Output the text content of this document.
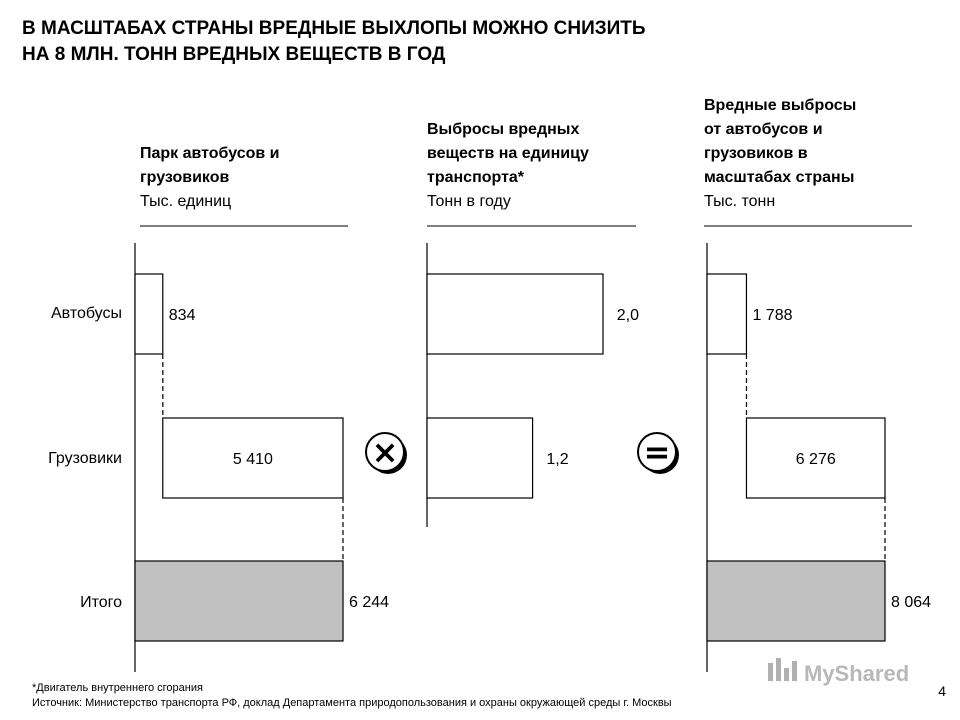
В МАСШТАБАХ СТРАНЫ ВРЕДНЫЕ ВЫХЛОПЫ МОЖНО СНИЗИТЬ
НА 8 МЛН. ТОНН ВРЕДНЫХ ВЕЩЕСТВ В ГОД
Парк автобусов и
грузовиков
Тыс. единиц
Выбросы вредных
веществ на единицу
транспорта*
Тонн в году
Вредные выбросы
от автобусов и
грузовиков в
масштабах страны
Тыс. тонн
Автобусы
Грузовики
Итого
834
5 410
6 244
2,0
1,2
1 788
6 276
8 064
×	=
*Двигатель внутреннего сгорания
Источник: Министерство транспорта РФ, доклад Департамента природопользования и охраны окружающей среды г. Москвы
4
MyShared
